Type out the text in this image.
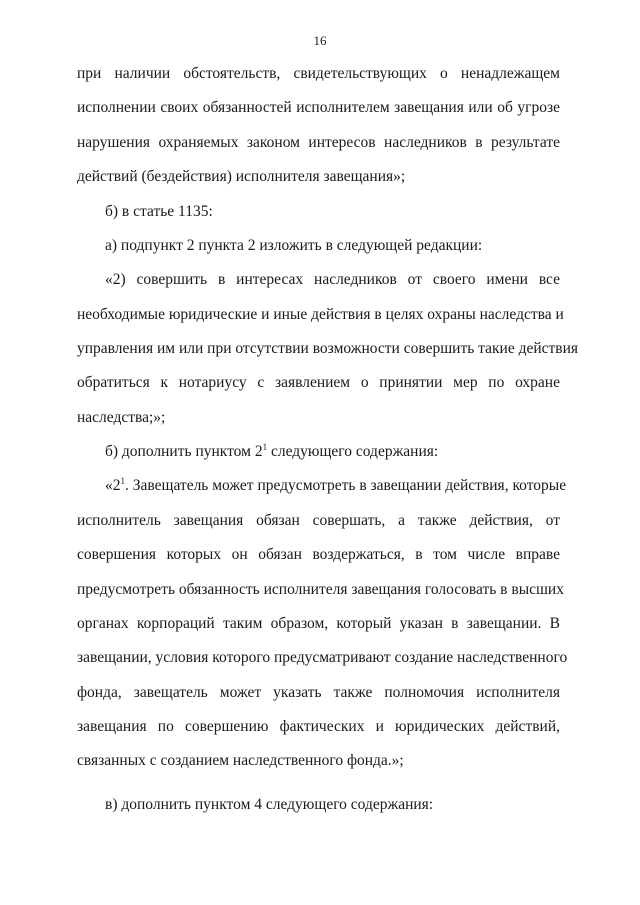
16
при наличии обстоятельств, свидетельствующих о ненадлежащем
исполнении своих обязанностей исполнителем завещания или об угрозе
нарушения охраняемых законом интересов наследников в результате
действий (бездействия) исполнителя завещания»;
б) в статье 1135:
а) подпункт 2 пункта 2 изложить в следующей редакции:
«2) совершить в интересах наследников от своего имени все
необходимые юридические и иные действия в целях охраны наследства и
управления им или при отсутствии возможности совершить такие действия
обратиться к нотариусу с заявлением о принятии мер по охране
наследства;»;
б) дополнить пунктом $2^1$ следующего содержания:
«$2^1$. Завещатель может предусмотреть в завещании действия, которые
исполнитель завещания обязан совершать, а также действия, от
совершения которых он обязан воздержаться, в том числе вправе
предусмотреть обязанность исполнителя завещания голосовать в высших
органах корпораций таким образом, который указан в завещании. В
завещании, условия которого предусматривают создание наследственного
фонда, завещатель может указать также полномочия исполнителя
завещания по совершению фактических и юридических действий,
связанных с созданием наследственного фонда.»;
в) дополнить пунктом 4 следующего содержания:
